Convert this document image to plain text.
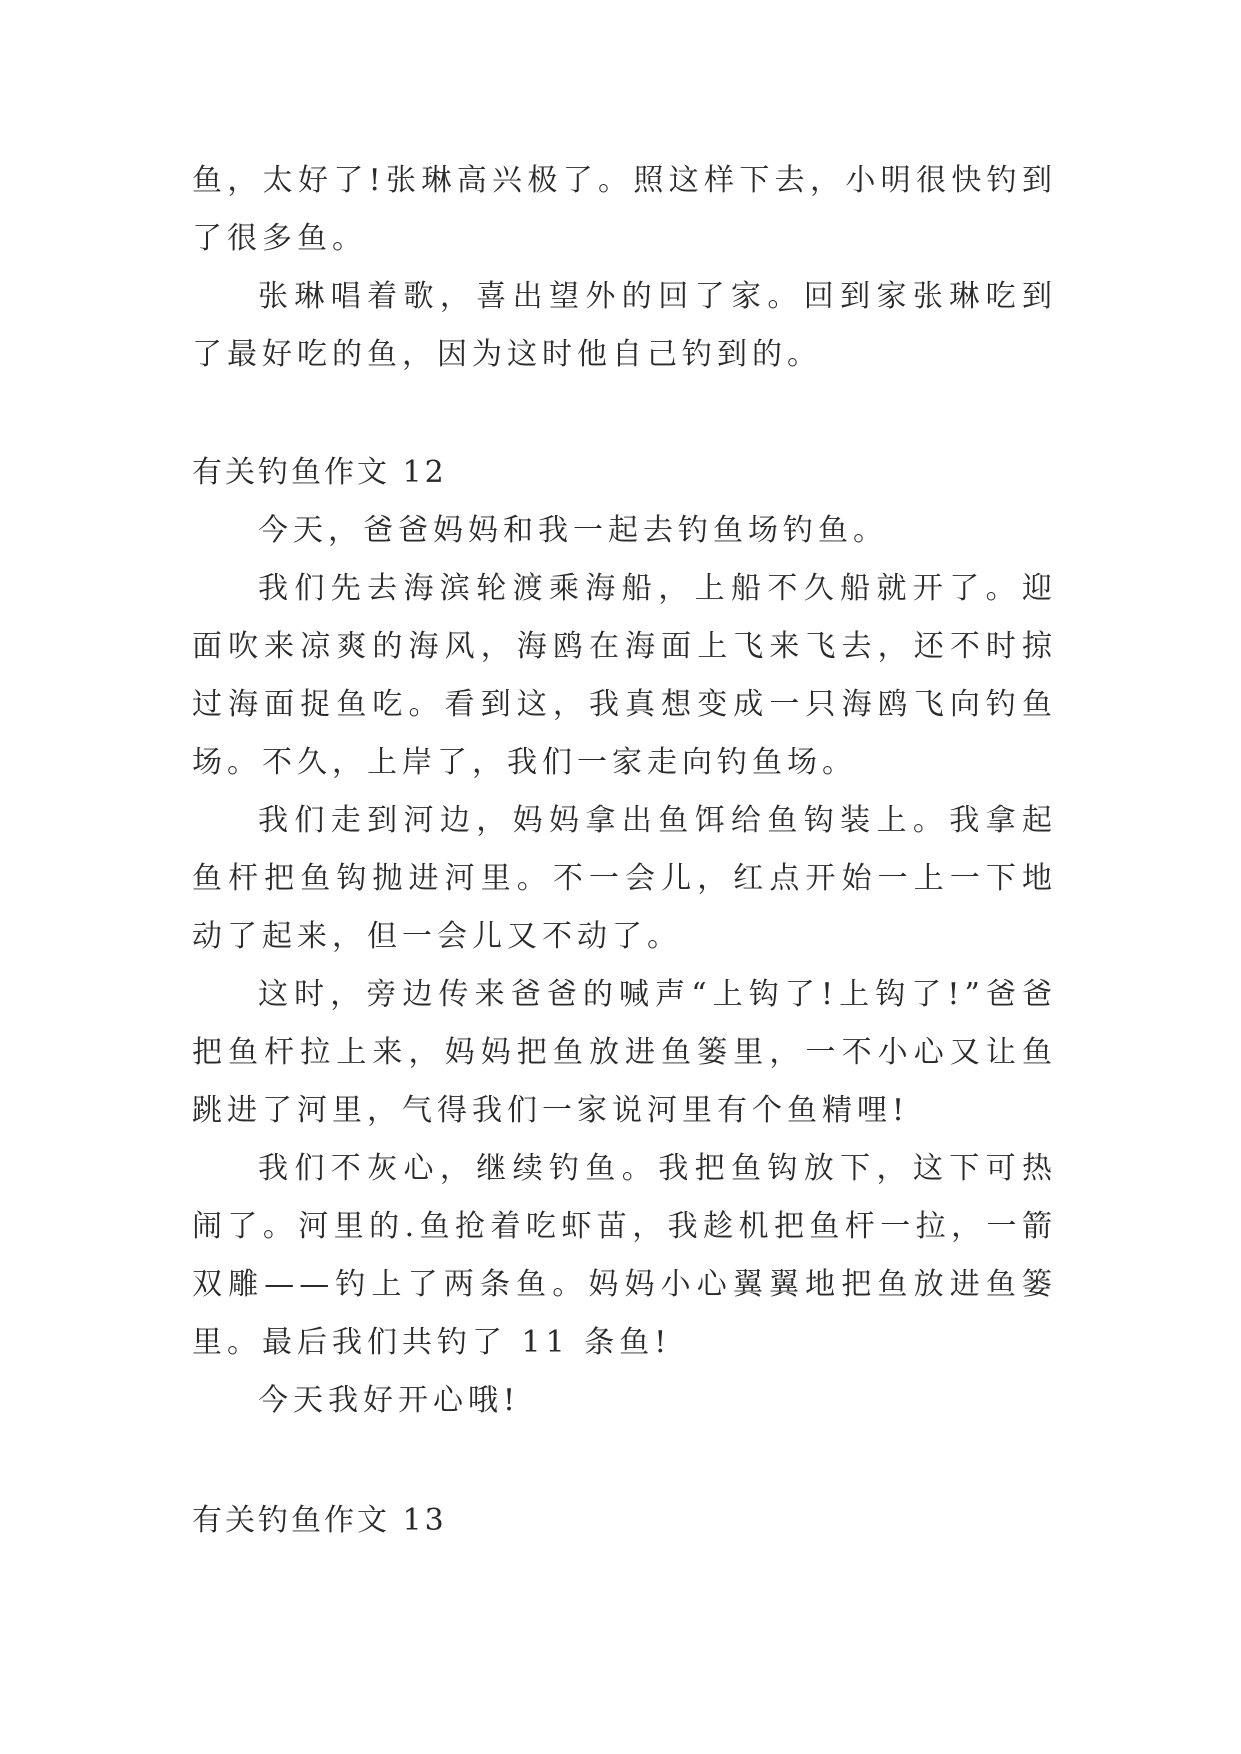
鱼，太好了!张琳高兴极了。照这样下去，小明很快钓到了很多鱼。

张琳唱着歌，喜出望外的回了家。回到家张琳吃到了最好吃的鱼，因为这时他自己钓到的。

有关钓鱼作文 12

今天，爸爸妈妈和我一起去钓鱼场钓鱼。

我们先去海滨轮渡乘海船，上船不久船就开了。迎面吹来凉爽的海风，海鸥在海面上飞来飞去，还不时掠过海面捉鱼吃。看到这，我真想变成一只海鸥飞向钓鱼场。不久，上岸了，我们一家走向钓鱼场。

我们走到河边，妈妈拿出鱼饵给鱼钩装上。我拿起鱼杆把鱼钩抛进河里。不一会儿，红点开始一上一下地动了起来，但一会儿又不动了。

这时，旁边传来爸爸的喊声“上钩了!上钩了!”爸爸把鱼杆拉上来，妈妈把鱼放进鱼篓里，一不小心又让鱼跳进了河里，气得我们一家说河里有个鱼精哩!

我们不灰心，继续钓鱼。我把鱼钩放下，这下可热闹了。河里的.鱼抢着吃虾苗，我趁机把鱼杆一拉，一箭双雕——钓上了两条鱼。妈妈小心翼翼地把鱼放进鱼篓里。最后我们共钓了 11 条鱼!

今天我好开心哦!

有关钓鱼作文 13
